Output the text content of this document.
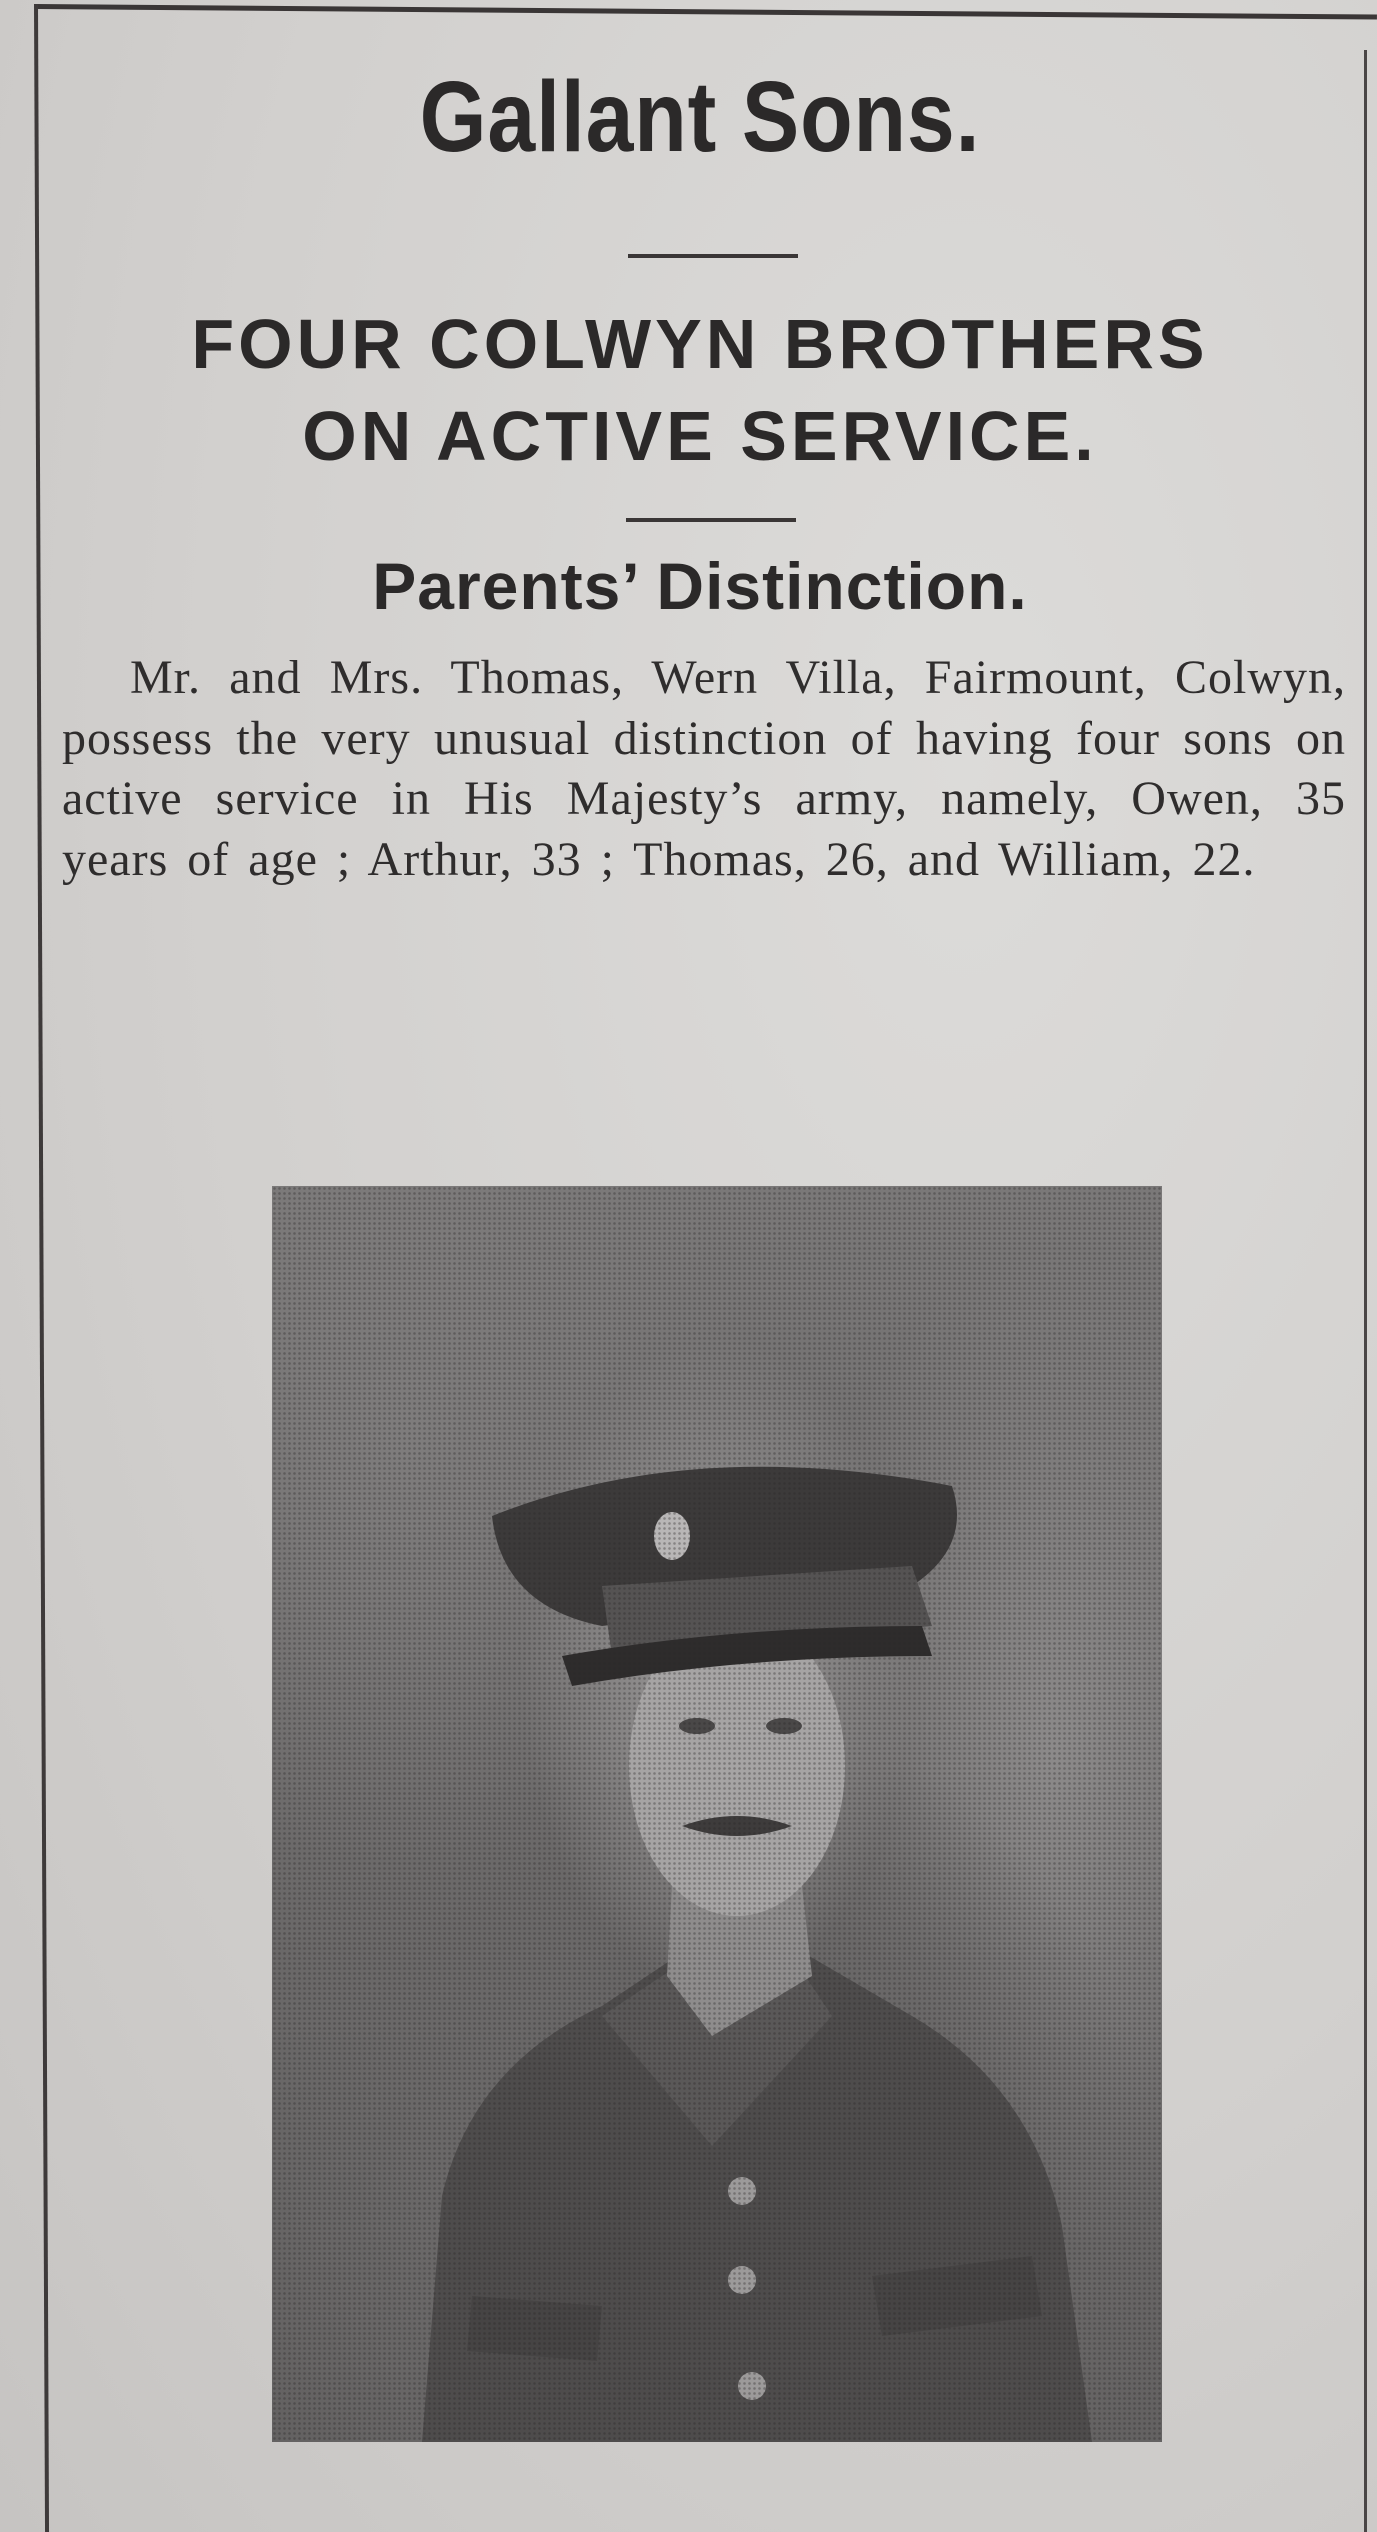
Gallant Sons.
FOUR COLWYN BROTHERS
ON ACTIVE SERVICE.
Parents’ Distinction.

Mr. and Mrs. Thomas, Wern Villa, Fairmount, Colwyn, possess the very unusual distinction of having four sons on active service in His Majesty’s army, namely, Owen, 35 years of age ; Arthur, 33 ; Thomas, 26, and William, 22.
